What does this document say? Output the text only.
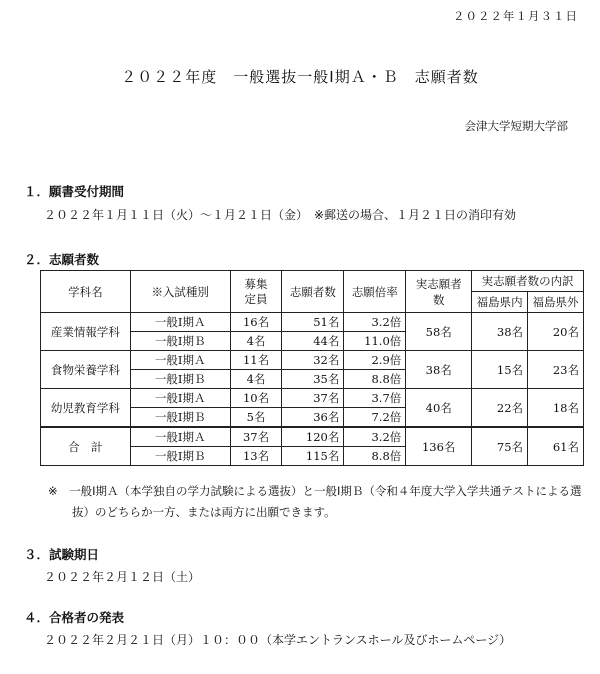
２０２２年１月３１日
２０２２年度　一般選抜一般Ⅰ期Ａ・Ｂ　志願者数
会津大学短期大学部
１．願書受付期間
２０２２年１月１１日（火）～１月２１日（金）　※郵送の場合、１月２１日の消印有効
２．志願者数
学科名	※入試種別	募集
定員	志願者数	志願倍率	実志願者数	実志願者数の内訳	
						福島県内	福島県外
産業情報学科	一般Ⅰ期Ａ	16名	51名	3.2倍	58名	38名	20名
	一般Ⅰ期Ｂ	4名	44名	11.0倍			
食物栄養学科	一般Ⅰ期Ａ	11名	32名	2.9倍	38名	15名	23名
	一般Ⅰ期Ｂ	4名	35名	8.8倍			
幼児教育学科	一般Ⅰ期Ａ	10名	37名	3.7倍	40名	22名	18名
	一般Ⅰ期Ｂ	5名	36名	7.2倍			
合　計	一般Ⅰ期Ａ	37名	120名	3.2倍	136名	75名	61名
	一般Ⅰ期Ｂ	13名	115名	8.8倍			
※　一般Ⅰ期Ａ（本学独自の学力試験による選抜）と一般Ⅰ期Ｂ（令和４年度大学入学共通テストによる選
抜）のどちらか一方、または両方に出願できます。
３．試験期日
２０２２年２月１２日（土）
４．合格者の発表
２０２２年２月２１日（月）１０：００（本学エントランスホール及びホームページ）
